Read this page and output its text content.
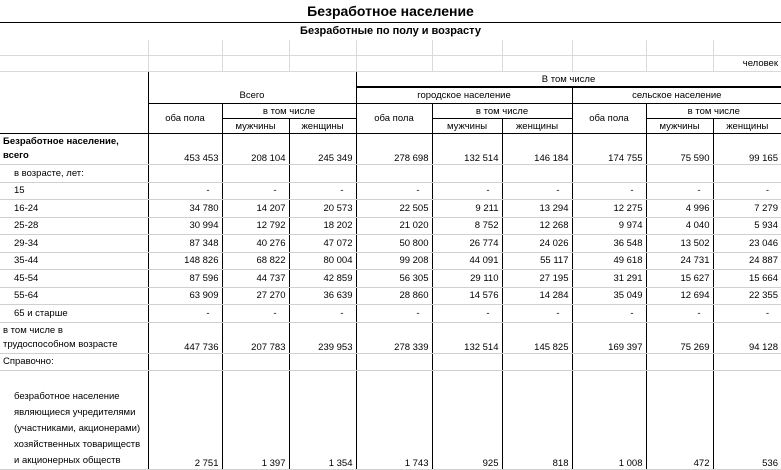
Безработное население
Безработные по полу и возрасту

									человек
				В том числе					

	Всего			городское население			сельское население		
	оба пола	в том числе		оба пола	в том числе		оба пола	в том числе	
		мужчины	женщины		мужчины	женщины		мужчины	женщины
Безработное население, всего	453 453	208 104	245 349	278 698	132 514	146 184	174 755	75 590	99 165
в возрасте, лет:									
15	-	-	-	-	-	-	-	-	-
16-24	34 780	14 207	20 573	22 505	9 211	13 294	12 275	4 996	7 279
25-28	30 994	12 792	18 202	21 020	8 752	12 268	9 974	4 040	5 934
29-34	87 348	40 276	47 072	50 800	26 774	24 026	36 548	13 502	23 046
35-44	148 826	68 822	80 004	99 208	44 091	55 117	49 618	24 731	24 887
45-54	87 596	44 737	42 859	56 305	29 110	27 195	31 291	15 627	15 664
55-64	63 909	27 270	36 639	28 860	14 576	14 284	35 049	12 694	22 355
65 и старше	-	-	-	-	-	-	-	-	-

в том числе в
трудоспособном возрасте	447 736	207 783	239 953	278 339	132 514	145 825	169 397	75 269	94 128
Справочно:									
безработное население являющиеся учредителями (участниками, акционерами) хозяйственных товариществ и акционерных обществ	2 751	1 397	1 354	1 743	925	818	1 008	472	536
